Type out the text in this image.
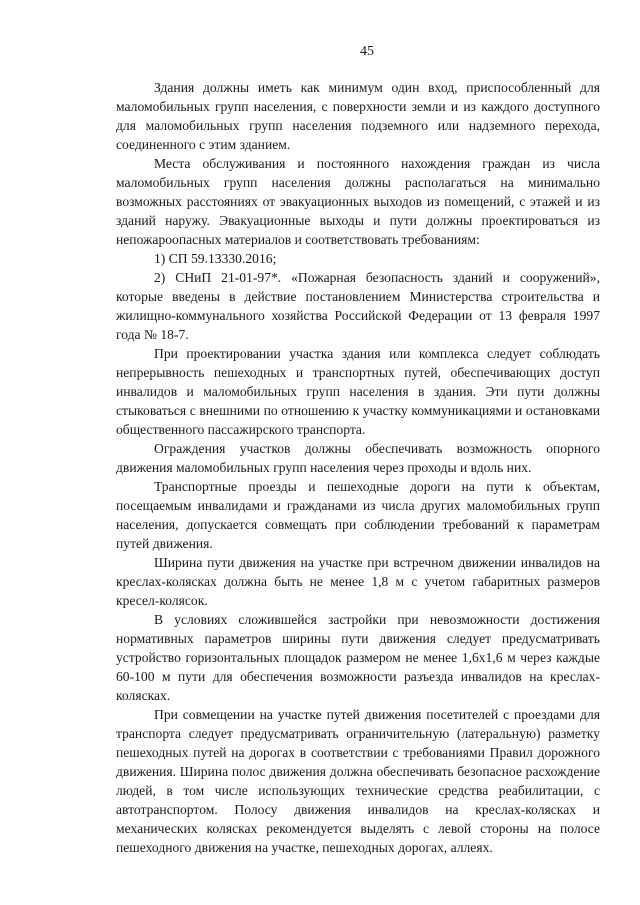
45

Здания должны иметь как минимум один вход, приспособленный для маломобильных групп населения, с поверхности земли и из каждого доступного для маломобильных групп населения подземного или надземного перехода, соединенного с этим зданием.

Места обслуживания и постоянного нахождения граждан из числа маломобильных групп населения должны располагаться на минимально возможных расстояниях от эвакуационных выходов из помещений, с этажей и из зданий наружу. Эвакуационные выходы и пути должны проектироваться из непожароопасных материалов и соответствовать требованиям:

1) СП 59.13330.2016;

2) СНиП 21-01-97*. «Пожарная безопасность зданий и сооружений», которые введены в действие постановлением Министерства строительства и жилищно-коммунального хозяйства Российской Федерации от 13 февраля 1997 года № 18-7.

При проектировании участка здания или комплекса следует соблюдать непрерывность пешеходных и транспортных путей, обеспечивающих доступ инвалидов и маломобильных групп населения в здания. Эти пути должны стыковаться с внешними по отношению к участку коммуникациями и остановками общественного пассажирского транспорта.

Ограждения участков должны обеспечивать возможность опорного движения маломобильных групп населения через проходы и вдоль них.

Транспортные проезды и пешеходные дороги на пути к объектам, посещаемым инвалидами и гражданами из числа других маломобильных групп населения, допускается совмещать при соблюдении требований к параметрам путей движения.

Ширина пути движения на участке при встречном движении инвалидов на креслах-колясках должна быть не менее 1,8 м с учетом габаритных размеров кресел-колясок.

В условиях сложившейся застройки при невозможности достижения нормативных параметров ширины пути движения следует предусматривать устройство горизонтальных площадок размером не менее 1,6х1,6 м через каждые 60-100 м пути для обеспечения возможности разъезда инвалидов на креслах-колясках.

При совмещении на участке путей движения посетителей с проездами для транспорта следует предусматривать ограничительную (латеральную) разметку пешеходных путей на дорогах в соответствии с требованиями Правил дорожного движения. Ширина полос движения должна обеспечивать безопасное расхождение людей, в том числе использующих технические средства реабилитации, с автотранспортом. Полосу движения инвалидов на креслах-колясках и механических колясках рекомендуется выделять с левой стороны на полосе пешеходного движения на участке, пешеходных дорогах, аллеях.
